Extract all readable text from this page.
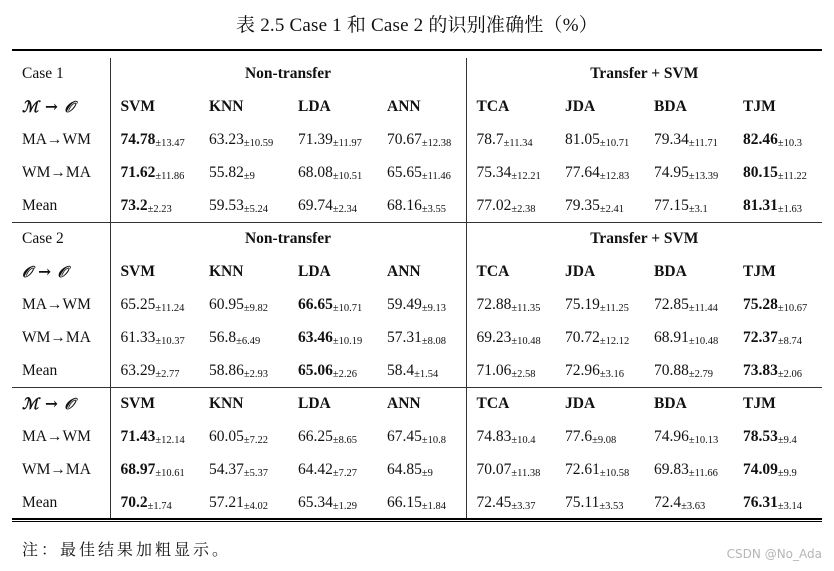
表 2.5 Case 1 和 Case 2 的识别准确性（%）
Case 1	Non-transfer				Transfer + SVM			
ℳ → 𝒪	SVM	KNN	LDA	ANN	TCA	JDA	BDA	TJM
MA→WM	74.78±13.47	63.23±10.59	71.39±11.97	70.67±12.38	78.7±11.34	81.05±10.71	79.34±11.71	82.46±10.3
WM→MA	71.62±11.86	55.82±9	68.08±10.51	65.65±11.46	75.34±12.21	77.64±12.83	74.95±13.39	80.15±11.22
Mean	73.2±2.23	59.53±5.24	69.74±2.34	68.16±3.55	77.02±2.38	79.35±2.41	77.15±3.1	81.31±1.63
Case 2	Non-transfer				Transfer + SVM			
𝒪 → 𝒪	SVM	KNN	LDA	ANN	TCA	JDA	BDA	TJM
MA→WM	65.25±11.24	60.95±9.82	66.65±10.71	59.49±9.13	72.88±11.35	75.19±11.25	72.85±11.44	75.28±10.67
WM→MA	61.33±10.37	56.8±6.49	63.46±10.19	57.31±8.08	69.23±10.48	70.72±12.12	68.91±10.48	72.37±8.74
Mean	63.29±2.77	58.86±2.93	65.06±2.26	58.4±1.54	71.06±2.58	72.96±3.16	70.88±2.79	73.83±2.06
ℳ → 𝒪	SVM	KNN	LDA	ANN	TCA	JDA	BDA	TJM
MA→WM	71.43±12.14	60.05±7.22	66.25±8.65	67.45±10.8	74.83±10.4	77.6±9.08	74.96±10.13	78.53±9.4
WM→MA	68.97±10.61	54.37±5.37	64.42±7.27	64.85±9	70.07±11.38	72.61±10.58	69.83±11.66	74.09±9.9
Mean	70.2±1.74	57.21±4.02	65.34±1.29	66.15±1.84	72.45±3.37	75.11±3.53	72.4±3.63	76.31±3.14
注：最佳结果加粗显示。	CSDN @No_Ada
